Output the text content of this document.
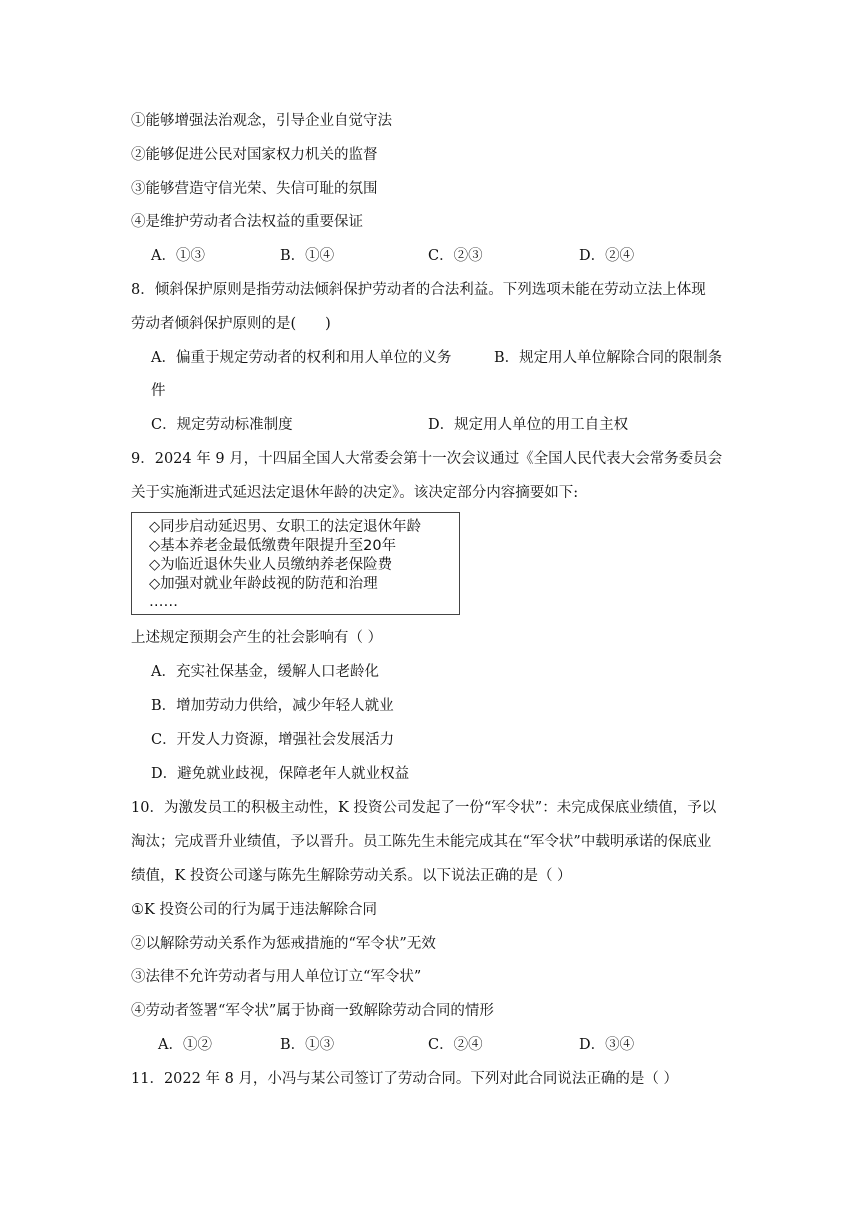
①能够增强法治观念，引导企业自觉守法
②能够促进公民对国家权力机关的监督
③能够营造守信光荣、失信可耻的氛围
④是维护劳动者合法权益的重要保证
A．①③	B．①④	C．②③	D．②④
8．倾斜保护原则是指劳动法倾斜保护劳动者的合法利益。下列选项未能在劳动立法上体现
劳动者倾斜保护原则的是(　　)
A．偏重于规定劳动者的权利和用人单位的义务	B．规定用人单位解除合同的限制条
件
C．规定劳动标准制度	D．规定用人单位的用工自主权
9．2024 年 9 月，十四届全国人大常委会第十一次会议通过《全国人民代表大会常务委员会
关于实施渐进式延迟法定退休年龄的决定》。该决定部分内容摘要如下:
◇同步启动延迟男、女职工的法定退休年龄
◇基本养老金最低缴费年限提升至20年
◇为临近退休失业人员缴纳养老保险费
◇加强对就业年龄歧视的防范和治理
……
上述规定预期会产生的社会影响有（ ）
A．充实社保基金，缓解人口老龄化
B．增加劳动力供给，减少年轻人就业
C．开发人力资源，增强社会发展活力
D．避免就业歧视，保障老年人就业权益
10．为激发员工的积极主动性，K 投资公司发起了一份“军令状”：未完成保底业绩值，予以
淘汰；完成晋升业绩值，予以晋升。员工陈先生未能完成其在“军令状”中载明承诺的保底业
绩值，K 投资公司遂与陈先生解除劳动关系。以下说法正确的是（ ）
①K 投资公司的行为属于违法解除合同
②以解除劳动关系作为惩戒措施的“军令状”无效
③法律不允许劳动者与用人单位订立“军令状”
④劳动者签署“军令状”属于协商一致解除劳动合同的情形
A．①②	B．①③	C．②④	D．③④
11．2022 年 8 月，小冯与某公司签订了劳动合同。下列对此合同说法正确的是（ ）
